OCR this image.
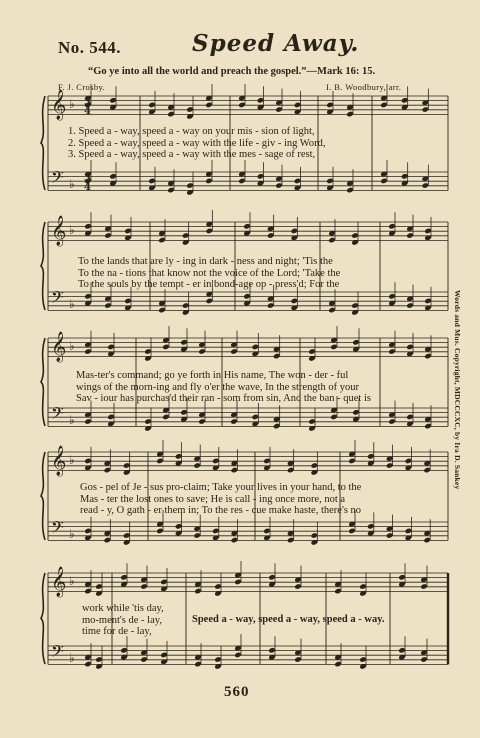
No. 544.	Speed Away.
“Go ye into all the world and preach the gospel.”—Mark 16: 15.
F. J. Crosby.	I. B. Woodbury, arr.
𝄞 ♭
𝄢 ♭
𝄞 ♭
𝄢 ♭
𝄞 ♭
𝄢 ♭
𝄞 ♭
𝄢 ♭
𝄞 ♭
𝄢 ♭
3
4
3
4
1. Speed a - way, speed a - way on your mis - sion of light,
2. Speed a - way, speed a - way with the life - giv - ing Word,
3. Speed a - way, speed a - way with the mes - sage of rest,
To the lands that are ly - ing in dark - ness and night; 'Tis the
To the na - tions that know not the voice of the Lord; 'Take the
To the souls by the tempt - er in bond-age op - press'd; For the
Mas-ter's command; go ye forth in His name, The won - der - ful
wings of the morn-ing and fly o'er the wave, In the strength of your
Sav - iour has purchas'd their ran - som from sin, And the ban - quet is
Gos - pel of Je - sus pro-claim; Take your lives in your hand, to the
Mas - ter the lost ones to save; He is call - ing once more, not a
read - y, O gath - er them in; To the res - cue make haste, there's no
work while 'tis day,
mo-ment's de - lay,
time for de - lay,
Speed a - way, speed a - way, speed a - way.
Words and Mus. Copyright, MDCCCXC, by Ira D. Sankey
560
